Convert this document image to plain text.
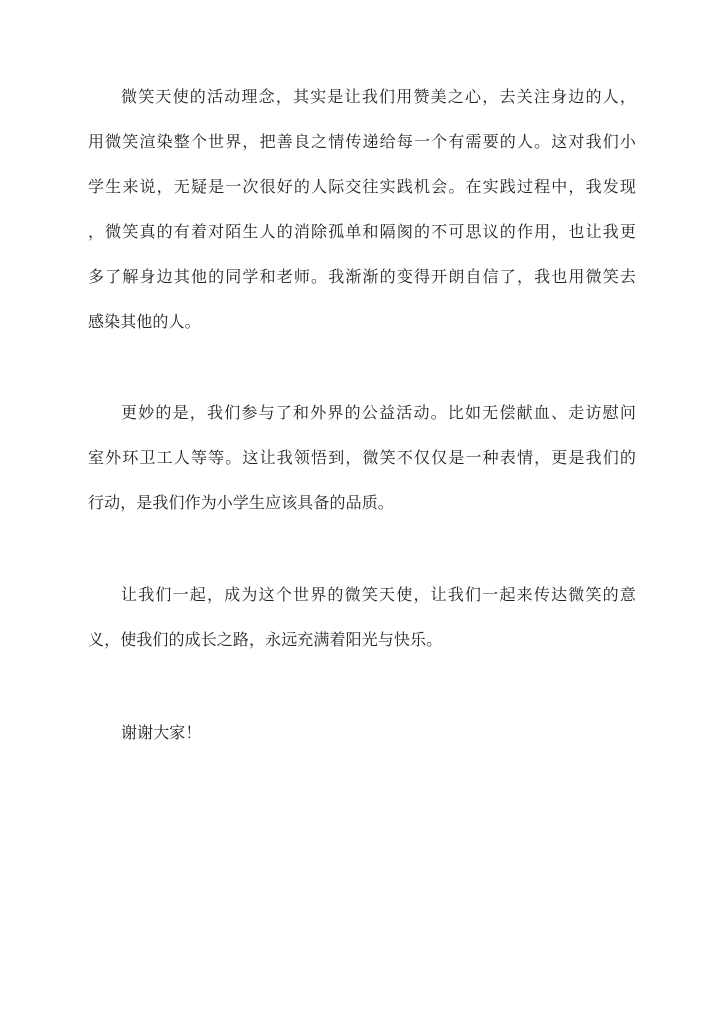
微笑天使的活动理念，其实是让我们用赞美之心，去关注身边的人，
用微笑渲染整个世界，把善良之情传递给每一个有需要的人。这对我们小
学生来说，无疑是一次很好的人际交往实践机会。在实践过程中，我发现
，微笑真的有着对陌生人的消除孤单和隔阂的不可思议的作用，也让我更
多了解身边其他的同学和老师。我渐渐的变得开朗自信了，我也用微笑去
感染其他的人。
更妙的是，我们参与了和外界的公益活动。比如无偿献血、走访慰问
室外环卫工人等等。这让我领悟到，微笑不仅仅是一种表情，更是我们的
行动，是我们作为小学生应该具备的品质。
让我们一起，成为这个世界的微笑天使，让我们一起来传达微笑的意
义，使我们的成长之路，永远充满着阳光与快乐。
谢谢大家！
